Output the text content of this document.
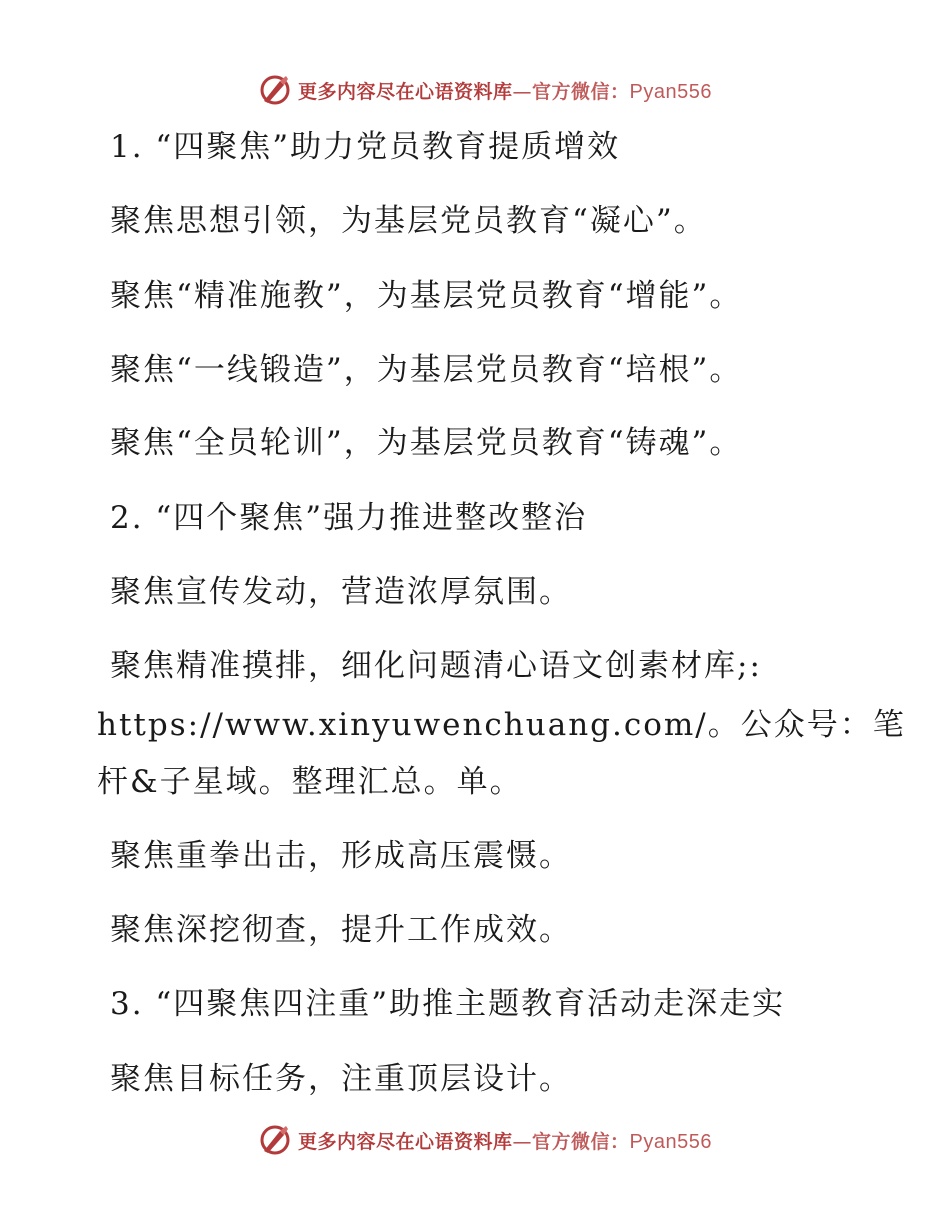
更多内容尽在心语资料库—官方微信：Pyan556
1. “四聚焦”助力党员教育提质增效
聚焦思想引领，为基层党员教育“凝心”。
聚焦“精准施教”，为基层党员教育“增能”。
聚焦“一线锻造”，为基层党员教育“培根”。
聚焦“全员轮训”，为基层党员教育“铸魂”。
2. “四个聚焦”强力推进整改整治
聚焦宣传发动，营造浓厚氛围。
聚焦精准摸排，细化问题清心语文创素材库;:
https://www.xinyuwenchuang.com/。公众号：笔
杆&子星域。整理汇总。单。
聚焦重拳出击，形成高压震慑。
聚焦深挖彻查，提升工作成效。
3. “四聚焦四注重”助推主题教育活动走深走实
聚焦目标任务，注重顶层设计。
更多内容尽在心语资料库—官方微信：Pyan556
